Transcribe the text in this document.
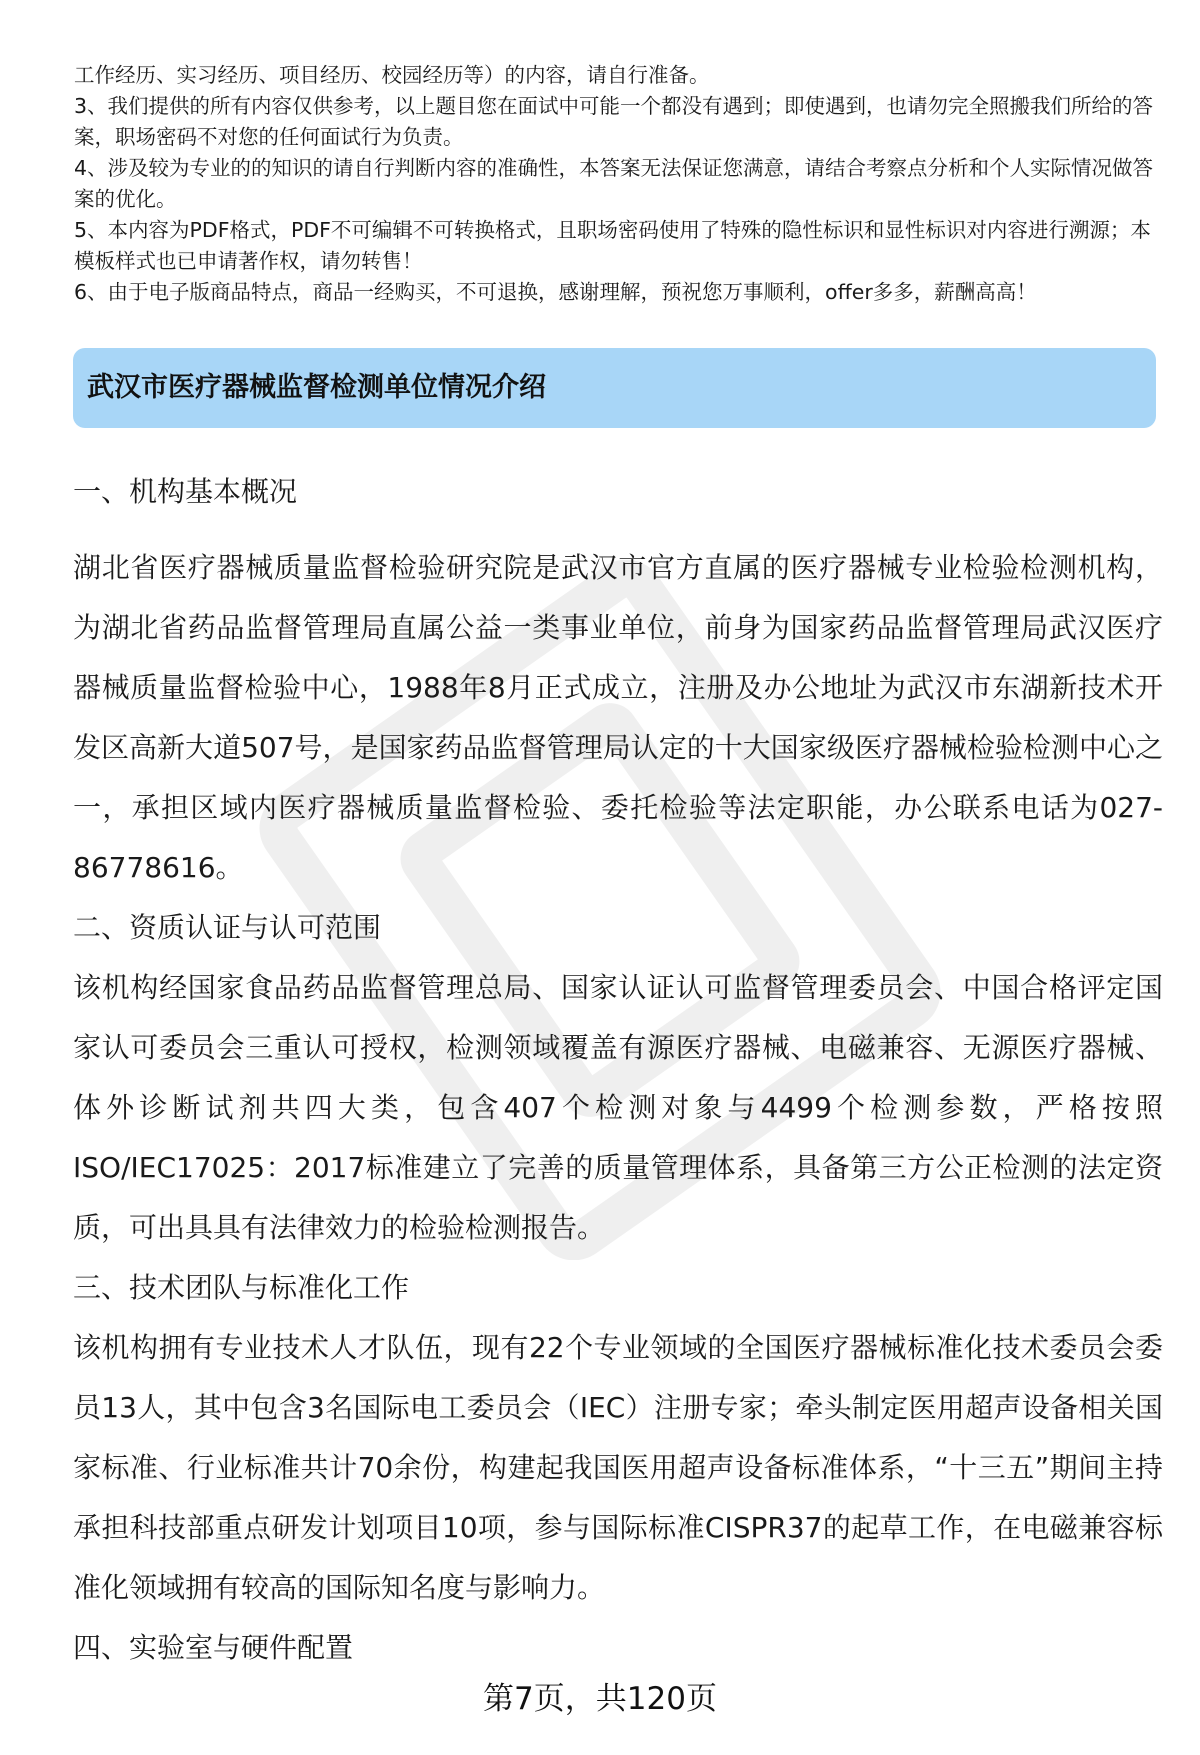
工作经历、实习经历、项目经历、校园经历等）的内容，请自行准备。

3、我们提供的所有内容仅供参考，以上题目您在面试中可能一个都没有遇到；即使遇到，也请勿完全照搬我们所给的答案，职场密码不对您的任何面试行为负责。

4、涉及较为专业的的知识的请自行判断内容的准确性，本答案无法保证您满意，请结合考察点分析和个人实际情况做答案的优化。

5、本内容为PDF格式，PDF不可编辑不可转换格式，且职场密码使用了特殊的隐性标识和显性标识对内容进行溯源；本模板样式也已申请著作权，请勿转售！

6、由于电子版商品特点，商品一经购买，不可退换，感谢理解，预祝您万事顺利，offer多多，薪酬高高！

武汉市医疗器械监督检测单位情况介绍

一、机构基本概况

湖北省医疗器械质量监督检验研究院是武汉市官方直属的医疗器械专业检验检测机构，为湖北省药品监督管理局直属公益一类事业单位，前身为国家药品监督管理局武汉医疗器械质量监督检验中心，1988年8月正式成立，注册及办公地址为武汉市东湖新技术开发区高新大道507号，是国家药品监督管理局认定的十大国家级医疗器械检验检测中心之一，承担区域内医疗器械质量监督检验、委托检验等法定职能，办公联系电话为027-86778616。

二、资质认证与认可范围

该机构经国家食品药品监督管理总局、国家认证认可监督管理委员会、中国合格评定国家认可委员会三重认可授权，检测领域覆盖有源医疗器械、电磁兼容、无源医疗器械、体外诊断试剂共四大类，包含407个检测对象与4499个检测参数，严格按照ISO/IEC17025：2017标准建立了完善的质量管理体系，具备第三方公正检测的法定资质，可出具具有法律效力的检验检测报告。

三、技术团队与标准化工作

该机构拥有专业技术人才队伍，现有22个专业领域的全国医疗器械标准化技术委员会委员13人，其中包含3名国际电工委员会（IEC）注册专家；牵头制定医用超声设备相关国家标准、行业标准共计70余份，构建起我国医用超声设备标准体系，“十三五”期间主持承担科技部重点研发计划项目10项，参与国际标准CISPR37的起草工作，在电磁兼容标准化领域拥有较高的国际知名度与影响力。

四、实验室与硬件配置

第7页，共120页
